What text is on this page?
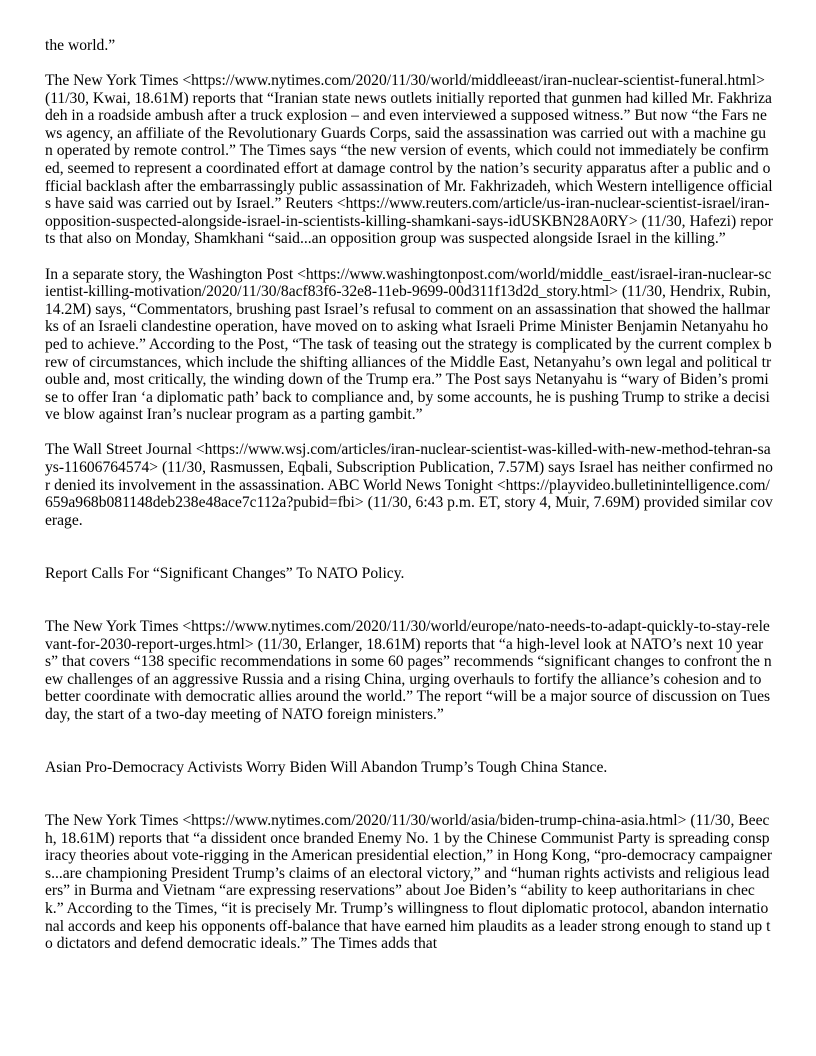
the world.”

The New York Times <https://www.nytimes.com/2020/11/30/world/middleeast/iran-nuclear-scientist-funeral.html> (11/30, Kwai, 18.61M) reports that “Iranian state news outlets initially reported that gunmen had killed Mr. Fakhrizadeh in a roadside ambush after a truck explosion – and even interviewed a supposed witness.” But now “the Fars news agency, an affiliate of the Revolutionary Guards Corps, said the assassination was carried out with a machine gun operated by remote control.” The Times says “the new version of events, which could not immediately be confirmed, seemed to represent a coordinated effort at damage control by the nation’s security apparatus after a public and official backlash after the embarrassingly public assassination of Mr. Fakhrizadeh, which Western intelligence officials have said was carried out by Israel.” Reuters <https://www.reuters.com/article/us-iran-nuclear-scientist-israel/iran-opposition-suspected-alongside-israel-in-scientists-killing-shamkani-says-idUSKBN28A0RY> (11/30, Hafezi) reports that also on Monday, Shamkhani “said...an opposition group was suspected alongside Israel in the killing.”

In a separate story, the Washington Post <https://www.washingtonpost.com/world/middle_east/israel-iran-nuclear-scientist-killing-motivation/2020/11/30/8acf83f6-32e8-11eb-9699-00d311f13d2d_story.html> (11/30, Hendrix, Rubin, 14.2M) says, “Commentators, brushing past Israel’s refusal to comment on an assassination that showed the hallmarks of an Israeli clandestine operation, have moved on to asking what Israeli Prime Minister Benjamin Netanyahu hoped to achieve.” According to the Post, “The task of teasing out the strategy is complicated by the current complex brew of circumstances, which include the shifting alliances of the Middle East, Netanyahu’s own legal and political trouble and, most critically, the winding down of the Trump era.” The Post says Netanyahu is “wary of Biden’s promise to offer Iran ‘a diplomatic path’ back to compliance and, by some accounts, he is pushing Trump to strike a decisive blow against Iran’s nuclear program as a parting gambit.”

The Wall Street Journal <https://www.wsj.com/articles/iran-nuclear-scientist-was-killed-with-new-method-tehran-says-11606764574> (11/30, Rasmussen, Eqbali, Subscription Publication, 7.57M) says Israel has neither confirmed nor denied its involvement in the assassination. ABC World News Tonight <https://playvideo.bulletinintelligence.com/659a968b081148deb238e48ace7c112a?pubid=fbi> (11/30, 6:43 p.m. ET, story 4, Muir, 7.69M) provided similar coverage.

Report Calls For “Significant Changes” To NATO Policy.

The New York Times <https://www.nytimes.com/2020/11/30/world/europe/nato-needs-to-adapt-quickly-to-stay-relevant-for-2030-report-urges.html> (11/30, Erlanger, 18.61M) reports that “a high-level look at NATO’s next 10 years” that covers “138 specific recommendations in some 60 pages” recommends “significant changes to confront the new challenges of an aggressive Russia and a rising China, urging overhauls to fortify the alliance’s cohesion and to better coordinate with democratic allies around the world.” The report “will be a major source of discussion on Tuesday, the start of a two-day meeting of NATO foreign ministers.”

Asian Pro-Democracy Activists Worry Biden Will Abandon Trump’s Tough China Stance.

The New York Times <https://www.nytimes.com/2020/11/30/world/asia/biden-trump-china-asia.html> (11/30, Beech, 18.61M) reports that “a dissident once branded Enemy No. 1 by the Chinese Communist Party is spreading conspiracy theories about vote-rigging in the American presidential election,” in Hong Kong, “pro-democracy campaigners...are championing President Trump’s claims of an electoral victory,” and “human rights activists and religious leaders” in Burma and Vietnam “are expressing reservations” about Joe Biden’s “ability to keep authoritarians in check.” According to the Times, “it is precisely Mr. Trump’s willingness to flout diplomatic protocol, abandon international accords and keep his opponents off-balance that have earned him plaudits as a leader strong enough to stand up to dictators and defend democratic ideals.” The Times adds that
